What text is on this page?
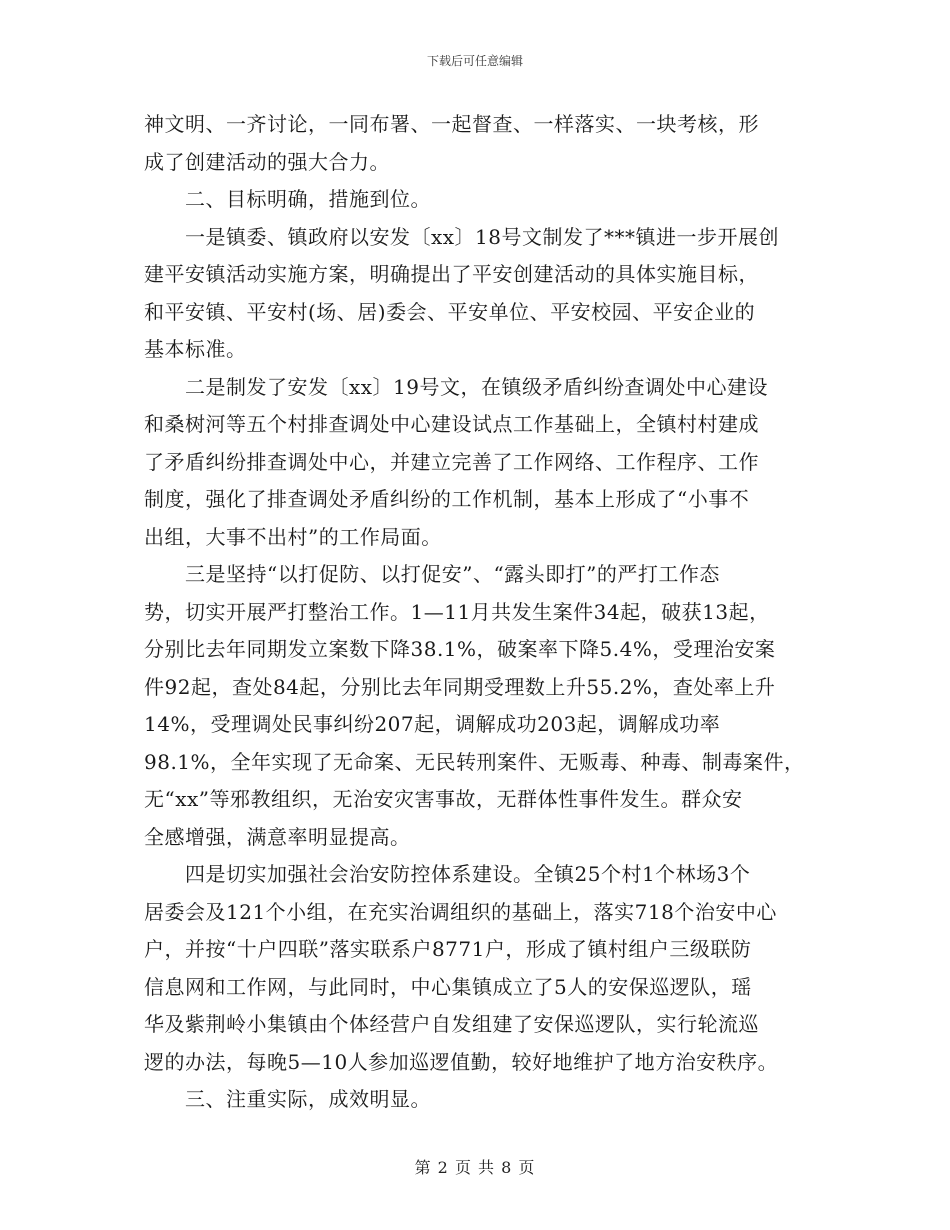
下载后可任意编辑
神文明、一齐讨论，一同布署、一起督查、一样落实、一块考核，形
成了创建活动的强大合力。
　　二、目标明确，措施到位。
　　一是镇委、镇政府以安发〔xx〕18号文制发了***镇进一步开展创
建平安镇活动实施方案，明确提出了平安创建活动的具体实施目标，
和平安镇、平安村(场、居)委会、平安单位、平安校园、平安企业的
基本标准。
　　二是制发了安发〔xx〕19号文，在镇级矛盾纠纷查调处中心建设
和桑树河等五个村排查调处中心建设试点工作基础上，全镇村村建成
了矛盾纠纷排查调处中心，并建立完善了工作网络、工作程序、工作
制度，强化了排查调处矛盾纠纷的工作机制，基本上形成了“小事不
出组，大事不出村”的工作局面。
　　三是坚持“以打促防、以打促安”、“露头即打”的严打工作态
势，切实开展严打整治工作。1—11月共发生案件34起，破获13起，
分别比去年同期发立案数下降38.1%，破案率下降5.4%，受理治安案
件92起，查处84起，分别比去年同期受理数上升55.2%，查处率上升
14%，受理调处民事纠纷207起，调解成功203起，调解成功率
98.1%，全年实现了无命案、无民转刑案件、无贩毒、种毒、制毒案件，
无“xx”等邪教组织，无治安灾害事故，无群体性事件发生。群众安
全感增强，满意率明显提高。
　　四是切实加强社会治安防控体系建设。全镇25个村1个林场3个
居委会及121个小组，在充实治调组织的基础上，落实718个治安中心
户，并按“十户四联”落实联系户8771户，形成了镇村组户三级联防
信息网和工作网，与此同时，中心集镇成立了5人的安保巡逻队，瑶
华及紫荆岭小集镇由个体经营户自发组建了安保巡逻队，实行轮流巡
逻的办法，每晚5—10人参加巡逻值勤，较好地维护了地方治安秩序。
　　三、注重实际，成效明显。
第 2 页 共 8 页
